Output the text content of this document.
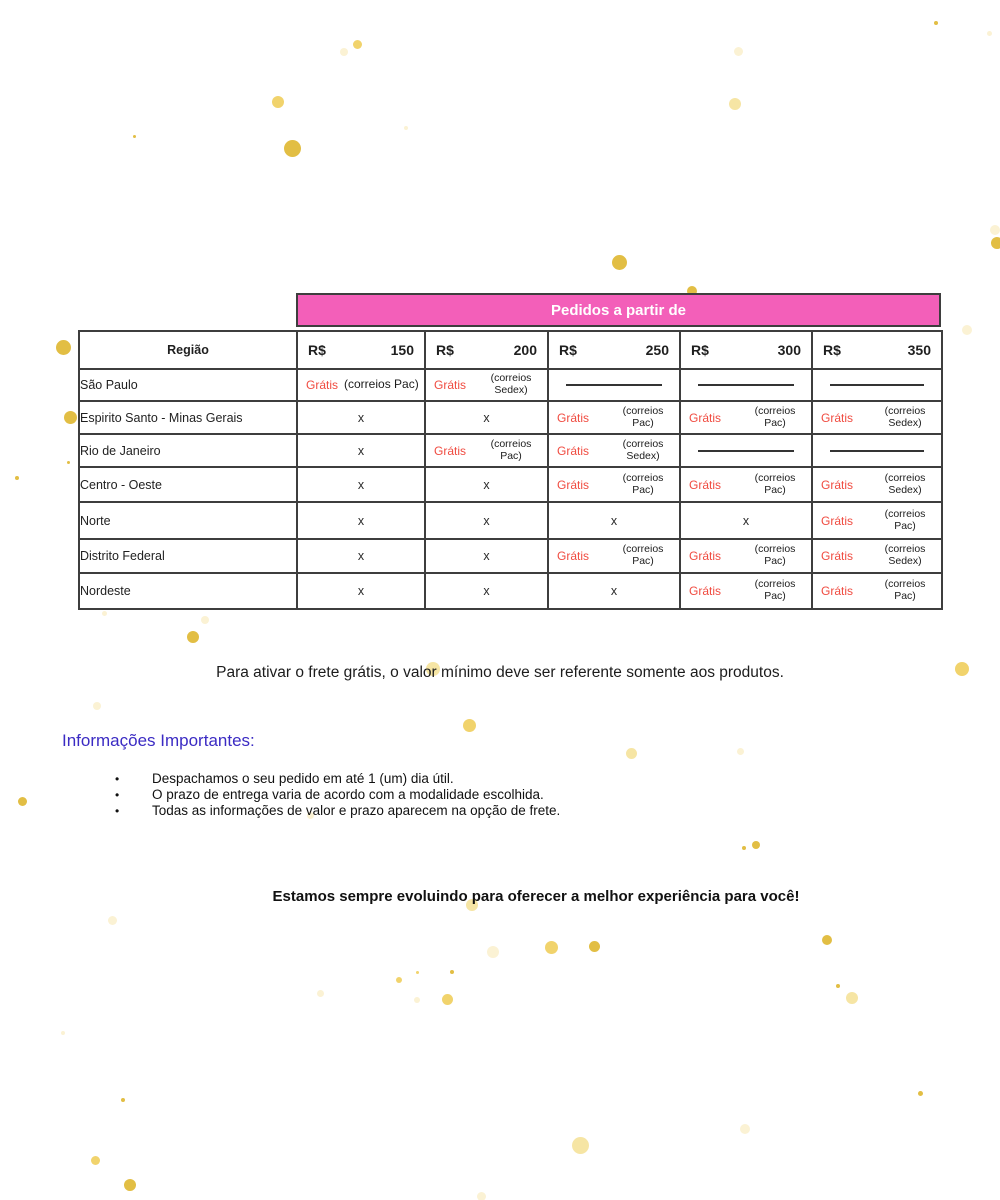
Pedidos a partir de
Região	R$ 150	R$ 200	R$ 250	R$ 300	R$ 350

São Paulo	Grátis (correios Pac)	Grátis (correios Sedex)			

Espirito Santo - Minas Gerais	x	x	Grátis (correios Pac)	Grátis (correios Pac)	Grátis (correios Sedex)

Rio de Janeiro	x	Grátis (correios Pac)	Grátis (correios Sedex)		

Centro - Oeste	x	x	Grátis (correios Pac)	Grátis (correios Pac)	Grátis (correios Sedex)

Norte	x	x	x	x	Grátis (correios Pac)

Distrito Federal	x	x	Grátis (correios Pac)	Grátis (correios Pac)	Grátis (correios Sedex)

Nordeste	x	x	x	Grátis (correios Pac)	Grátis (correios Pac)
Para ativar o frete grátis, o valor mínimo deve ser referente somente aos produtos.
Informações Importantes:
•	Despachamos o seu pedido em até 1 (um) dia útil.
•	O prazo de entrega varia de acordo com a modalidade escolhida.
•	Todas as informações de valor e prazo aparecem na opção de frete.
Estamos sempre evoluindo para oferecer a melhor experiência para você!
